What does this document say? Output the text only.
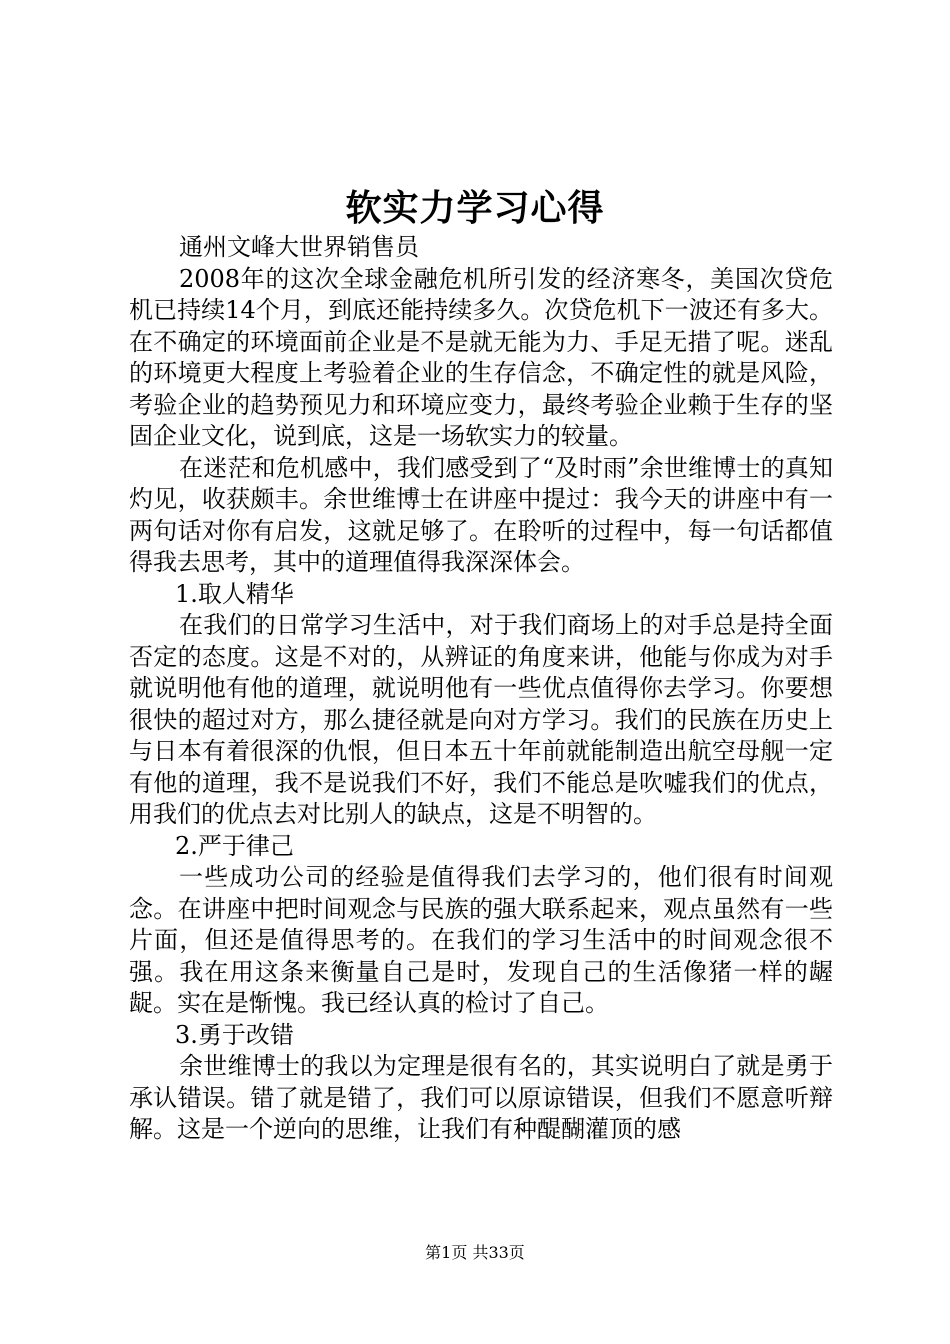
软实力学习心得

通州文峰大世界销售员

2008年的这次全球金融危机所引发的经济寒冬，美国次贷危机已持续14个月，到底还能持续多久。次贷危机下一波还有多大。在不确定的环境面前企业是不是就无能为力、手足无措了呢。迷乱的环境更大程度上考验着企业的生存信念，不确定性的就是风险，考验企业的趋势预见力和环境应变力，最终考验企业赖于生存的坚固企业文化，说到底，这是一场软实力的较量。

在迷茫和危机感中，我们感受到了“及时雨”余世维博士的真知灼见，收获颇丰。余世维博士在讲座中提过：我今天的讲座中有一两句话对你有启发，这就足够了。在聆听的过程中，每一句话都值得我去思考，其中的道理值得我深深体会。

1.取人精华

在我们的日常学习生活中，对于我们商场上的对手总是持全面否定的态度。这是不对的，从辨证的角度来讲，他能与你成为对手就说明他有他的道理，就说明他有一些优点值得你去学习。你要想很快的超过对方，那么捷径就是向对方学习。我们的民族在历史上与日本有着很深的仇恨，但日本五十年前就能制造出航空母舰一定有他的道理，我不是说我们不好，我们不能总是吹嘘我们的优点，用我们的优点去对比别人的缺点，这是不明智的。

2.严于律己

一些成功公司的经验是值得我们去学习的，他们很有时间观念。在讲座中把时间观念与民族的强大联系起来，观点虽然有一些片面，但还是值得思考的。在我们的学习生活中的时间观念很不强。我在用这条来衡量自己是时，发现自己的生活像猪一样的龌龊。实在是惭愧。我已经认真的检讨了自己。

3.勇于改错

余世维博士的我以为定理是很有名的，其实说明白了就是勇于承认错误。错了就是错了，我们可以原谅错误，但我们不愿意听辩解。这是一个逆向的思维，让我们有种醍醐灌顶的感

第1页 共33页
